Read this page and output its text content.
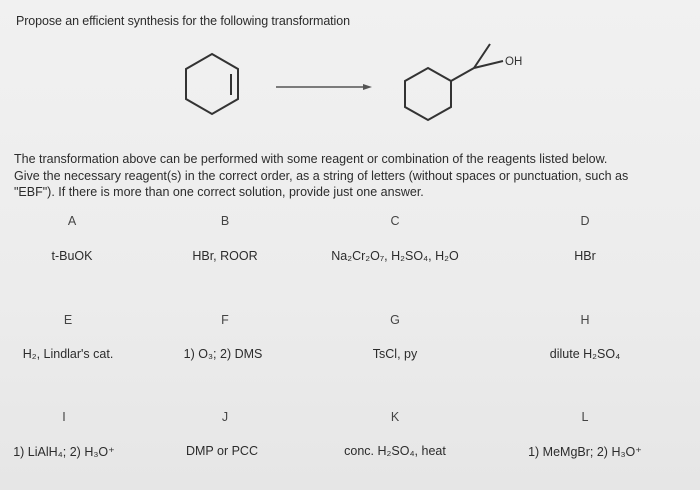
Propose an efficient synthesis for the following transformation
OH
The transformation above can be performed with some reagent or combination of the reagents listed below.
Give the necessary reagent(s) in the correct order, as a string of letters (without spaces or punctuation, such as
"EBF"). If there is more than one correct solution, provide just one answer.
A
t-BuOK
B
HBr, ROOR
C
Na₂Cr₂O₇, H₂SO₄, H₂O
D
HBr
E
H₂, Lindlar's cat.
F
1) O₃; 2) DMS
G
TsCl, py
H
dilute H₂SO₄
I
1) LiAlH₄; 2) H₃O⁺
J
DMP or PCC
K
conc. H₂SO₄, heat
L
1) MeMgBr; 2) H₃O⁺
